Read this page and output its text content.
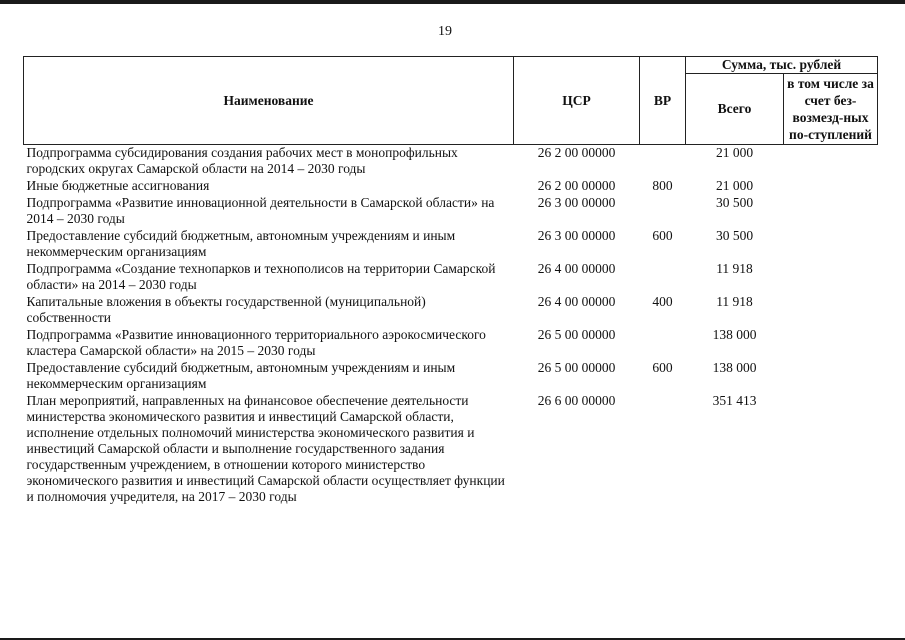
19
Наименование	ЦСР	ВР	Сумма, тыс. рублей	
			Всего	в том числе за счет без-возмезд-ных по-ступлений
Подпрограмма субсидирования создания рабочих мест в монопрофильных городских округах Самарской области на 2014 – 2030 годы	26 2 00 00000		21 000	
Иные бюджетные ассигнования	26 2 00 00000	800	21 000	
Подпрограмма «Развитие инновационной деятельности в Самарской области» на 2014 – 2030 годы	26 3 00 00000		30 500	
Предоставление субсидий бюджетным, автономным учреждениям и иным некоммерческим организациям	26 3 00 00000	600	30 500	
Подпрограмма «Создание технопарков и технополисов на территории Самарской области» на 2014 – 2030 годы	26 4 00 00000		11 918	
Капитальные вложения в объекты государственной (муниципальной) собственности	26 4 00 00000	400	11 918	
Подпрограмма «Развитие инновационного территориального аэрокосмического кластера Самарской области» на 2015 – 2030 годы	26 5 00 00000		138 000	
Предоставление субсидий бюджетным, автономным учреждениям и иным некоммерческим организациям	26 5 00 00000	600	138 000	
План мероприятий, направленных на финансовое обеспечение деятельности министерства экономического развития и инвестиций Самарской области, исполнение отдельных полномочий министерства экономического развития и инвестиций Самарской области и выполнение государственного задания государственным учреждением, в отношении которого министерство экономического развития и инвестиций Самарской области осуществляет функции и полномочия учредителя, на 2017 – 2030 годы	26 6 00 00000		351 413	
